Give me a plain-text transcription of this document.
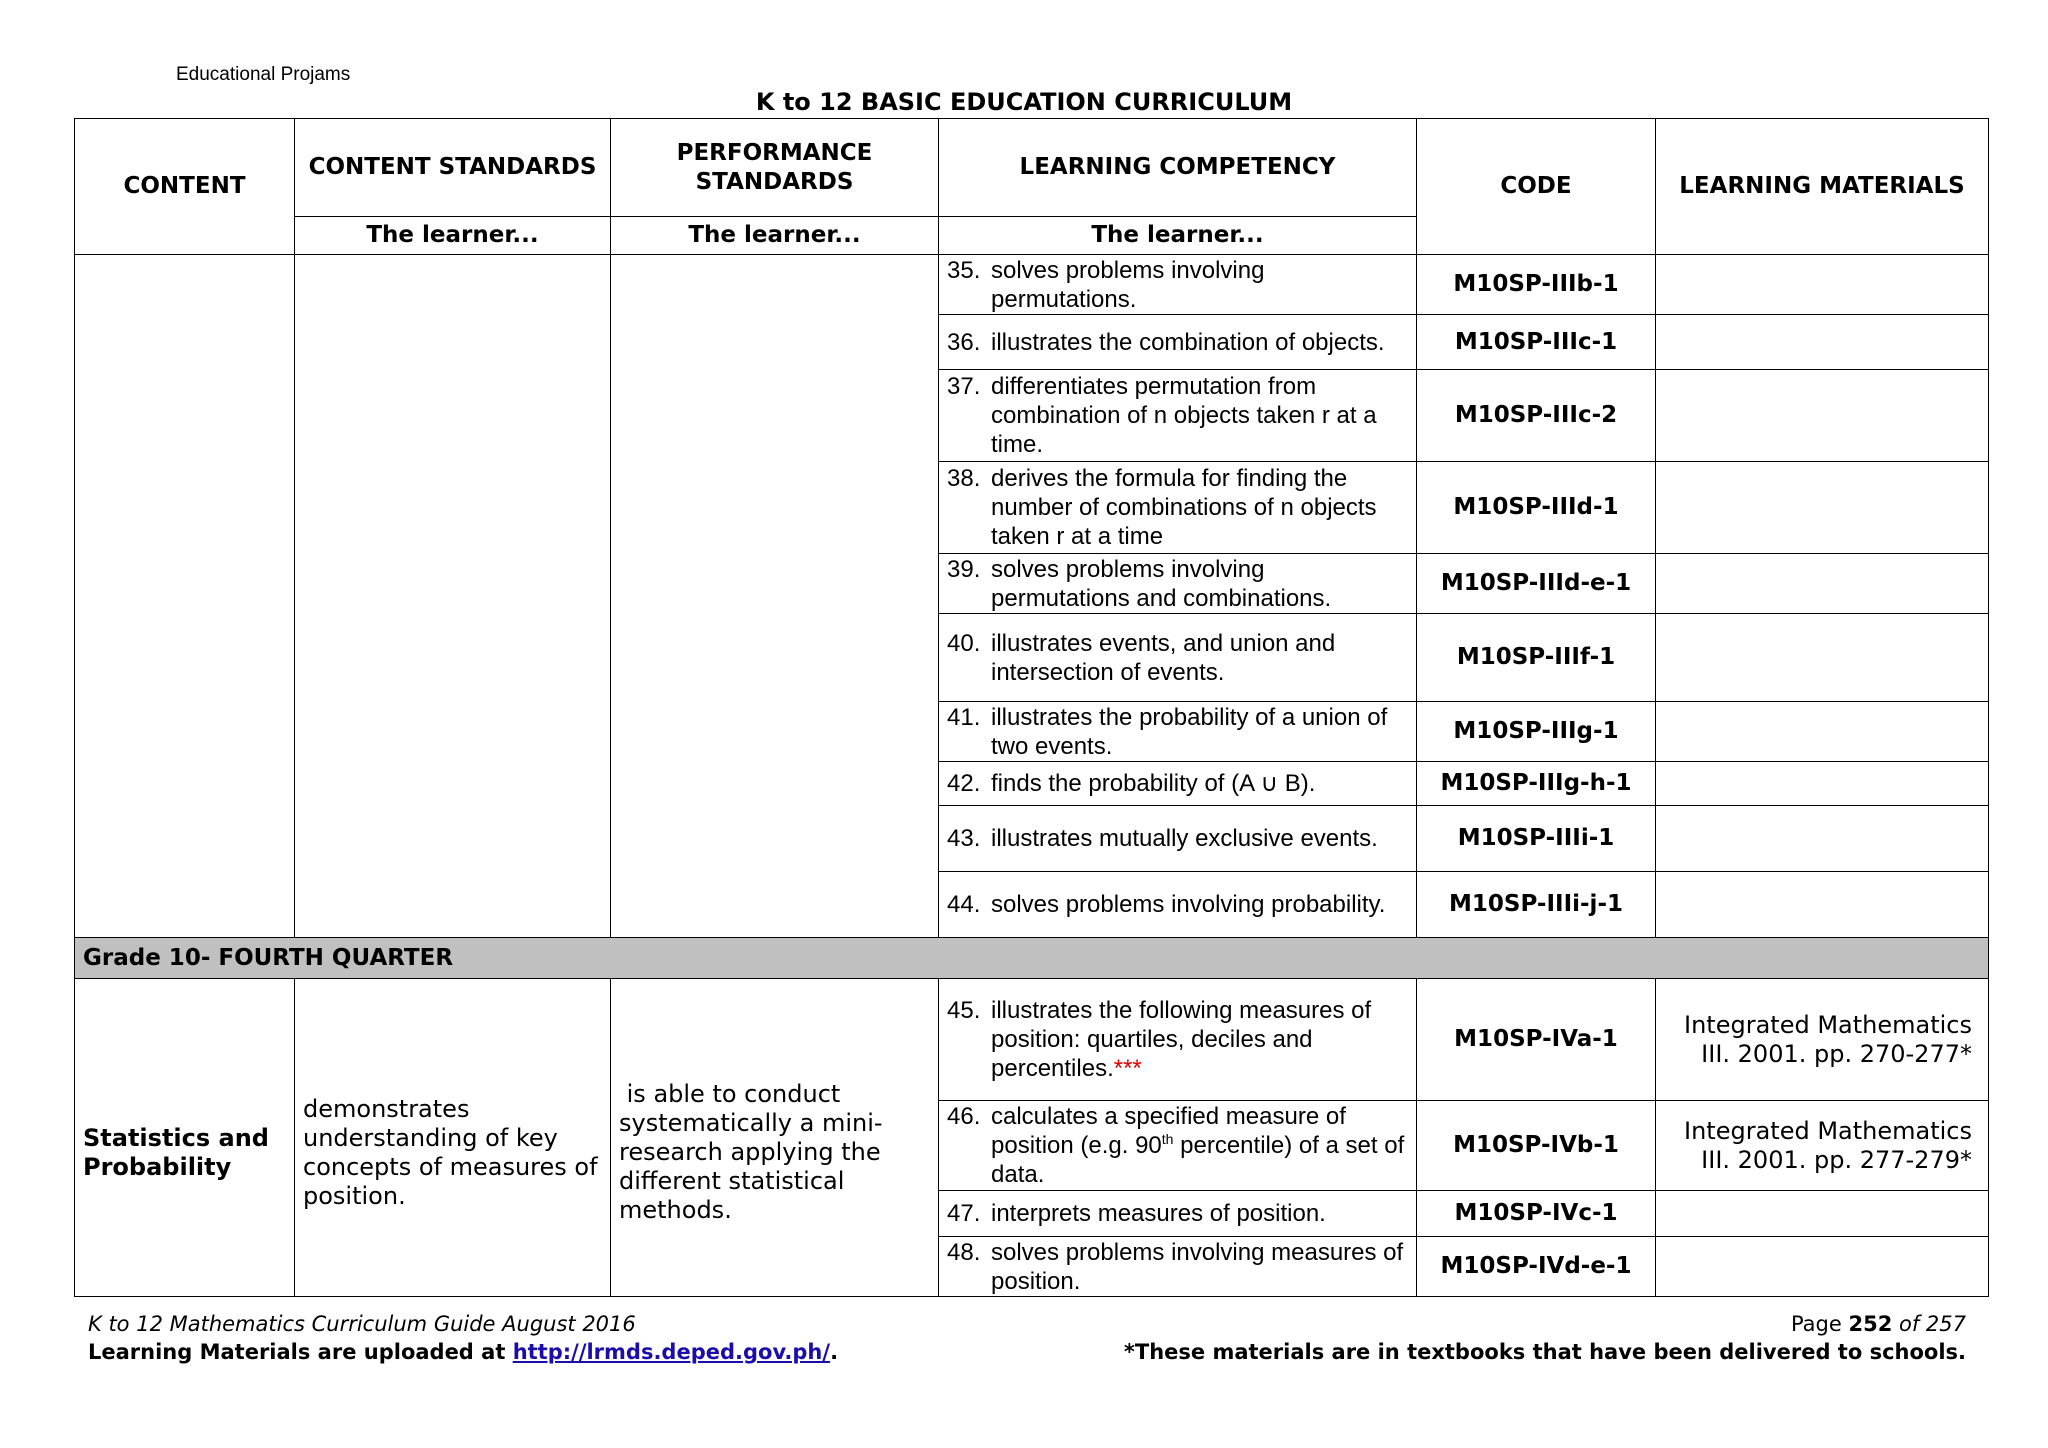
Educational Projams
K to 12 BASIC EDUCATION CURRICULUM
CONTENT	CONTENT STANDARDS	PERFORMANCE STANDARDS	LEARNING COMPETENCY	CODE	LEARNING MATERIALS
	The learner...	The learner...	The learner...		

			35. solves problems involving permutations.	M10SP-IIIb-1	

			36. illustrates the combination of objects.	M10SP-IIIc-1	

			37. differentiates permutation from combination of n objects taken r at a time.	M10SP-IIIc-2	

			38. derives the formula for finding the number of combinations of n objects taken r at a time	M10SP-IIId-1	

			39. solves problems involving permutations and combinations.	M10SP-IIId-e-1	

			40. illustrates events, and union and intersection of events.	M10SP-IIIf-1	

			41. illustrates the probability of a union of two events.	M10SP-IIIg-1	

			42. finds the probability of (A ∪ B).	M10SP-IIIg-h-1	

			43. illustrates mutually exclusive events.	M10SP-IIIi-1	

			44. solves problems involving probability.	M10SP-IIIi-j-1	
Grade 10- FOURTH QUARTER					
Statistics and Probability	demonstrates understanding of key concepts of measures of position.	is able to conduct systematically a mini-research applying the different statistical methods.	45. illustrates the following measures of position: quartiles, deciles and percentiles.***	M10SP-IVa-1	Integrated Mathematics III. 2001. pp. 270-277*

			46. calculates a specified measure of position (e.g. 90th percentile) of a set of data.	M10SP-IVb-1	Integrated Mathematics III. 2001. pp. 277-279*

			47. interprets measures of position.	M10SP-IVc-1	

			48. solves problems involving measures of position.	M10SP-IVd-e-1	
K to 12 Mathematics Curriculum Guide August 2016
Learning Materials are uploaded at http://lrmds.deped.gov.ph/.
Page 252 of 257
*These materials are in textbooks that have been delivered to schools.
